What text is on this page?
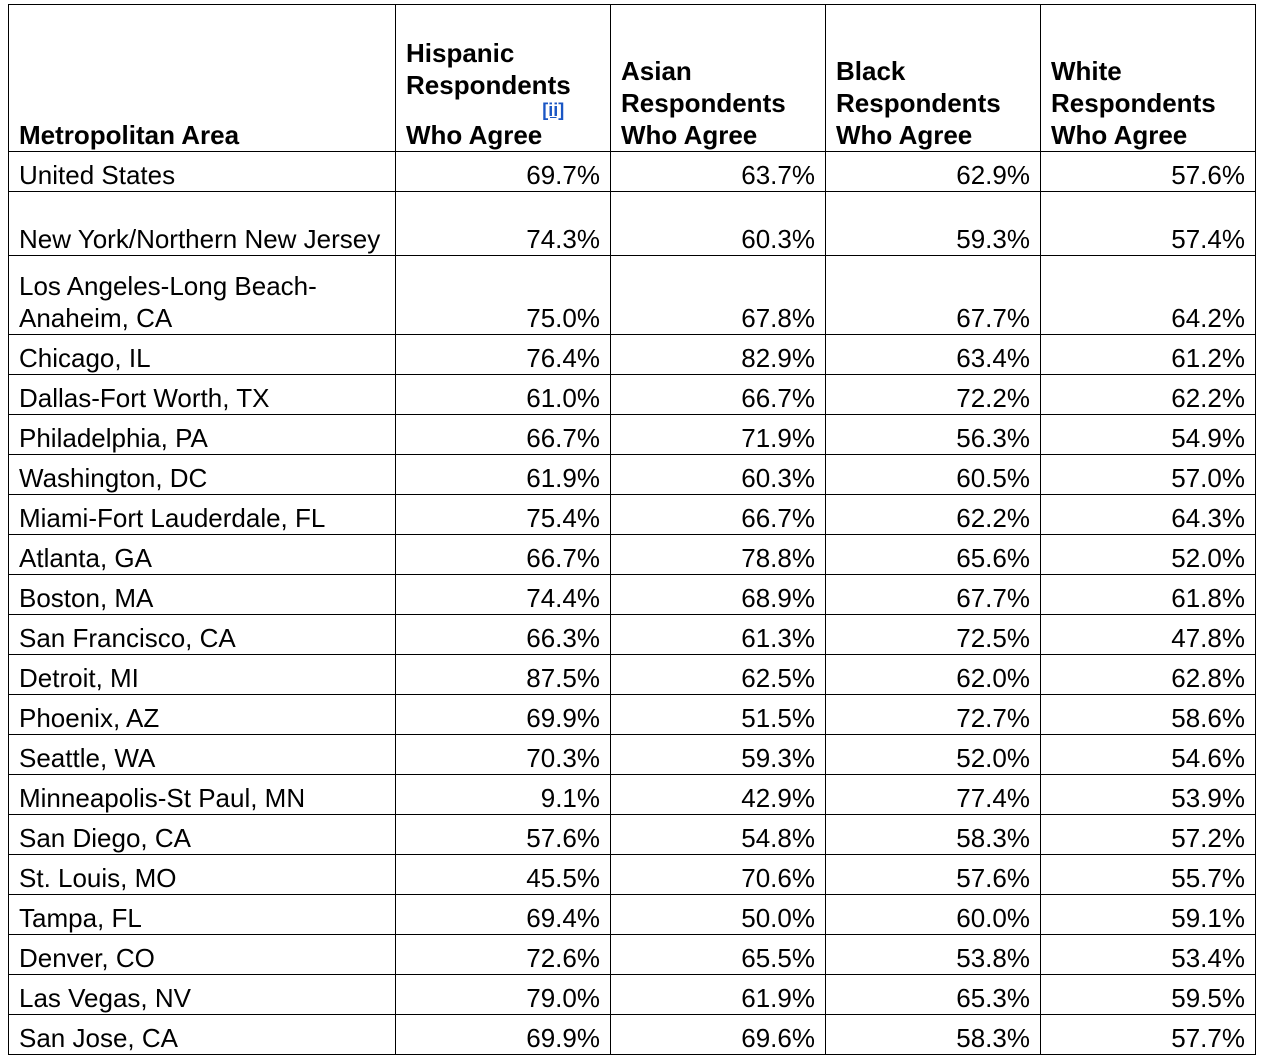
Metropolitan Area	Hispanic Respondents Who Agree[ii]	Asian Respondents Who Agree	Black Respondents Who Agree	White Respondents Who Agree
United States	69.7%	63.7%	62.9%	57.6%
New York/Northern New Jersey	74.3%	60.3%	59.3%	57.4%
Los Angeles-Long Beach-Anaheim, CA	75.0%	67.8%	67.7%	64.2%
Chicago, IL	76.4%	82.9%	63.4%	61.2%
Dallas-Fort Worth, TX	61.0%	66.7%	72.2%	62.2%
Philadelphia, PA	66.7%	71.9%	56.3%	54.9%
Washington, DC	61.9%	60.3%	60.5%	57.0%
Miami-Fort Lauderdale, FL	75.4%	66.7%	62.2%	64.3%
Atlanta, GA	66.7%	78.8%	65.6%	52.0%
Boston, MA	74.4%	68.9%	67.7%	61.8%
San Francisco, CA	66.3%	61.3%	72.5%	47.8%
Detroit, MI	87.5%	62.5%	62.0%	62.8%
Phoenix, AZ	69.9%	51.5%	72.7%	58.6%
Seattle, WA	70.3%	59.3%	52.0%	54.6%
Minneapolis-St Paul, MN	9.1%	42.9%	77.4%	53.9%
San Diego, CA	57.6%	54.8%	58.3%	57.2%
St. Louis, MO	45.5%	70.6%	57.6%	55.7%
Tampa, FL	69.4%	50.0%	60.0%	59.1%
Denver, CO	72.6%	65.5%	53.8%	53.4%
Las Vegas, NV	79.0%	61.9%	65.3%	59.5%
San Jose, CA	69.9%	69.6%	58.3%	57.7%
